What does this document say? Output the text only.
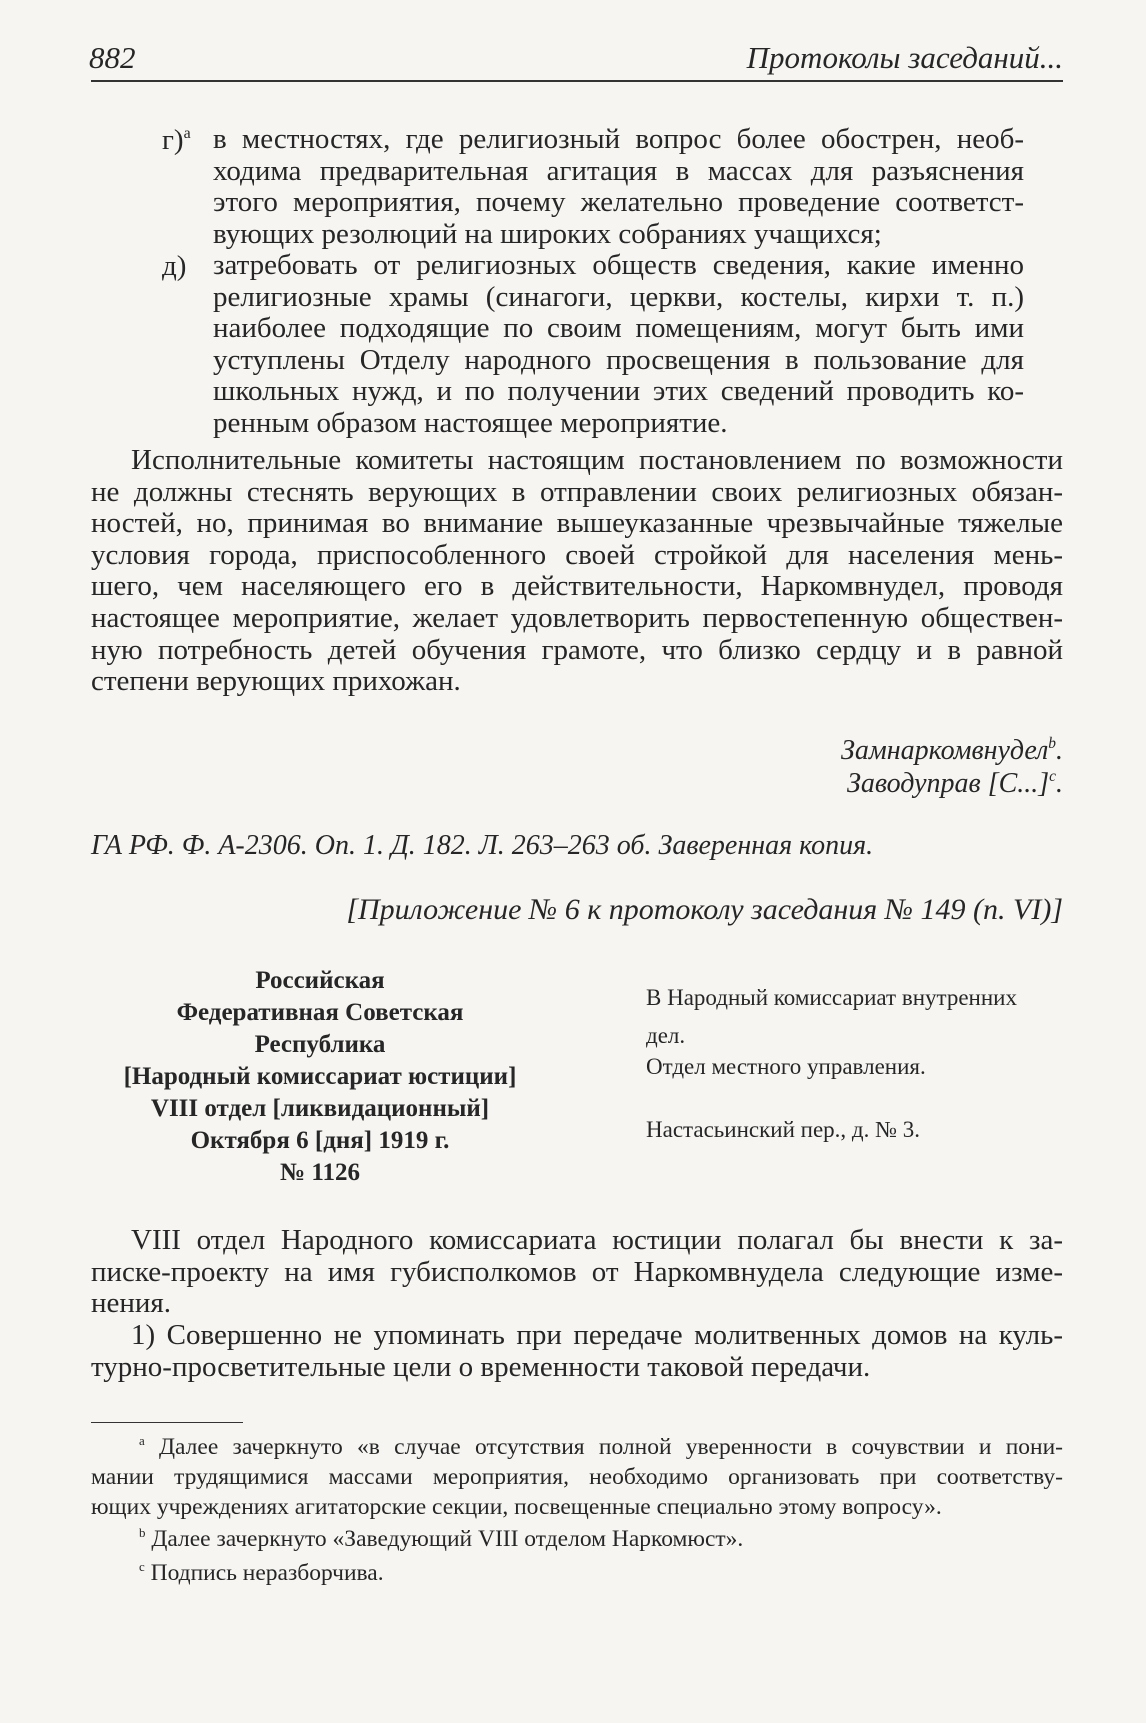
882	Протоколы заседаний...
г)$^a$ в местностях, где религиозный вопрос более обострен, необ-
ходима предварительная агитация в массах для разъяснения
этого мероприятия, почему желательно проведение соответст-
вующих резолюций на широких собраниях учащихся;
д) затребовать от религиозных обществ сведения, какие именно
религиозные храмы (синагоги, церкви, костелы, кирхи т. п.)
наиболее подходящие по своим помещениям, могут быть ими
уступлены Отделу народного просвещения в пользование для
школьных нужд, и по получении этих сведений проводить ко-
ренным образом настоящее мероприятие.
Исполнительные комитеты настоящим постановлением по возможности
не должны стеснять верующих в отправлении своих религиозных обязан-
ностей, но, принимая во внимание вышеуказанные чрезвычайные тяжелые
условия города, приспособленного своей стройкой для населения мень-
шего, чем населяющего его в действительности, Наркомвнудел, проводя
настоящее мероприятие, желает удовлетворить первостепенную обществен-
ную потребность детей обучения грамоте, что близко сердцу и в равной
степени верующих прихожан.
Замнаркомвнудел$^b$.
Заводуправ $[С...]^c$.
ГА РФ. Ф. А-2306. Оп. 1. Д. 182. Л. 263–263 об. Заверенная копия.
[Приложение № 6 к протоколу заседания № 149 (п. VI)]
Российская
Федеративная Советская
Республика
[Народный комиссариат юстиции]
VIII отдел [ликвидационный]
Октября 6 [дня] 1919 г.
№ 1126
В Народный комиссариат внутренних
дел.
Отдел местного управления.
Настасьинский пер., д. № 3.
VIII отдел Народного комиссариата юстиции полагал бы внести к за-
писке-проекту на имя губисполкомов от Наркомвнудела следующие изме-
нения.
1) Совершенно не упоминать при передаче молитвенных домов на куль-
турно-просветительные цели о временности таковой передачи.
$^a$ Далее зачеркнуто «в случае отсутствия полной уверенности в сочувствии и пони-
мании трудящимися массами мероприятия, необходимо организовать при соответству-
ющих учреждениях агитаторские секции, посвещенные специально этому вопросу».
$^b$ Далее зачеркнуто «Заведующий VIII отделом Наркомюст».
$^c$ Подпись неразборчива.
